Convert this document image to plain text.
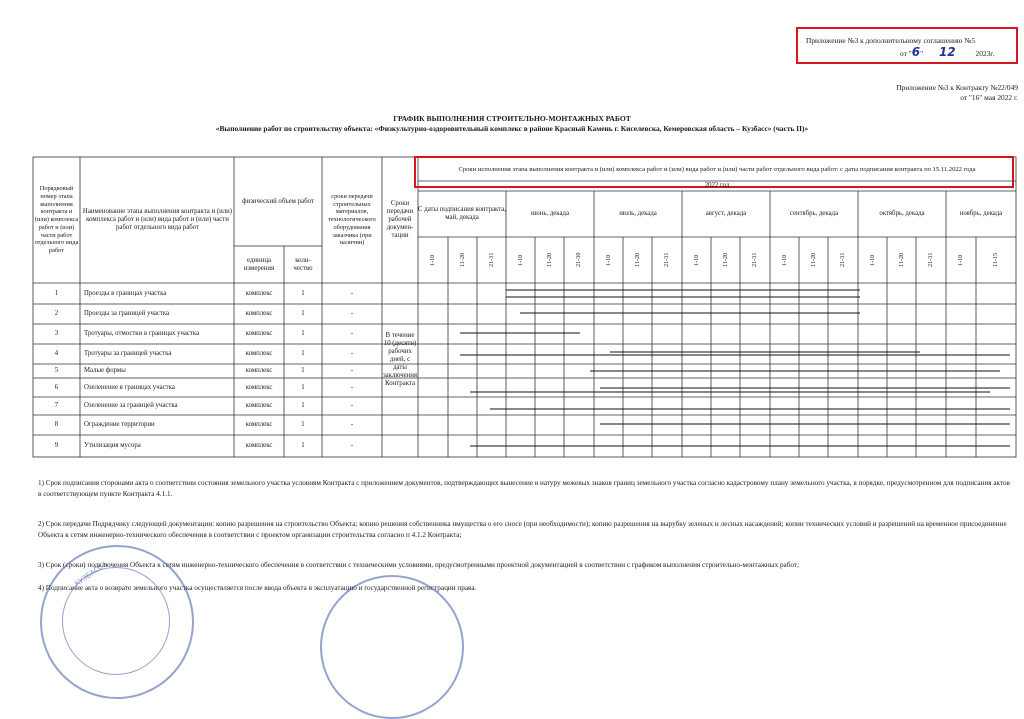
Приложение №3 к дополнительному соглашению №5
от "6" 12	2023г.
Приложение №3 к Контракту №22/049
от "16" мая 2022 г.
ГРАФИК ВЫПОЛНЕНИЯ СТРОИТЕЛЬНО-МОНТАЖНЫХ РАБОТ
«Выполнение работ по строительству объекта: «Физкультурно-оздоровительный комплекс в районе Красный Камень г. Киселевска, Кемеровская область – Кузбасс» (часть II)»
Порядковый номер этапа выполнения контракта и (или) комплекса работ и (или) части работ отдельного вида работ
Наименование этапа выполнения контракта и (или) комплекса работ и (или) вида работ и (или) части работ отдельного вида работ
физический объем работ
единица измерения
коли-чество
сроки передачи строительных материалов, технологического оборудования заказчика (при наличии)
Сроки передачи рабочей докумен-тации
Сроки исполнения этапа выполнения контракта и (или) комплекса работ и (или) вида работ и (или) части работ отдельного вида работ: с даты подписания контракта по 15.11.2022 года
2022 год
С даты подписания контракта, май, декада
июнь, декада	июль, декада	август, декада	сентябрь, декада	октябрь, декада	ноябрь, декада
1-10	11-20	21-31	1-10	11-20	21-30	1-10	11-20	21-31	1-10	11-20	21-31	1-10	11-20	21-31	1-10	11-20	21-31	1-10	11-15
1	Проезды в границах участка	комплекс	1	-
2	Проезды за границей участка	комплекс	1	-
3	Тротуары, отмостки в границах участка	комплекс	1	-
4	Тротуары за границей участка	комплекс	1	-
5	Малые формы	комплекс	1	-
6	Озеленение в границах участка	комплекс	1	-
7	Озеленение за границей участка	комплекс	1	-
8	Ограждение территории	комплекс	1	-
9	Утилизация мусора	комплекс	1	-
В течение 10 (десяти) рабочих дней, с даты заключения Контракта
1) Срок подписания сторонами акта о соответствии состояния земельного участка условиям Контракта с приложением документов, подтверждающих вынесение в натуру межевых знаков границ земельного участка согласно кадастровому плану земельного участка, в порядке, предусмотренном для подписания актов в соответствующем пункте Контракта 4.1.1.
2) Срок передачи Подрядчику следующей документации: копию разрешения на строительство Объекта; копию решения собственника имущества о его сносе (при необходимости); копию разрешения на вырубку зеленых и лесных насаждений; копии технических условий и разрешений на временное присоединение Объекта к сетям инженерно-технического обеспечения в соответствии с проектом организации строительства согласно п 4.1.2 Контракта;
3) Срок (сроки) подключения Объекта к сетям инженерно-технического обеспечения в соответствии с техническими условиями, предусмотренными проектной документацией в соответствии с графиком выполнения строительно-монтажных работ;
4) Подписание акта о возврате земельного участка осуществляется после ввода объекта в эксплуатацию и государственной регистрации права.
КУЗБАССА
